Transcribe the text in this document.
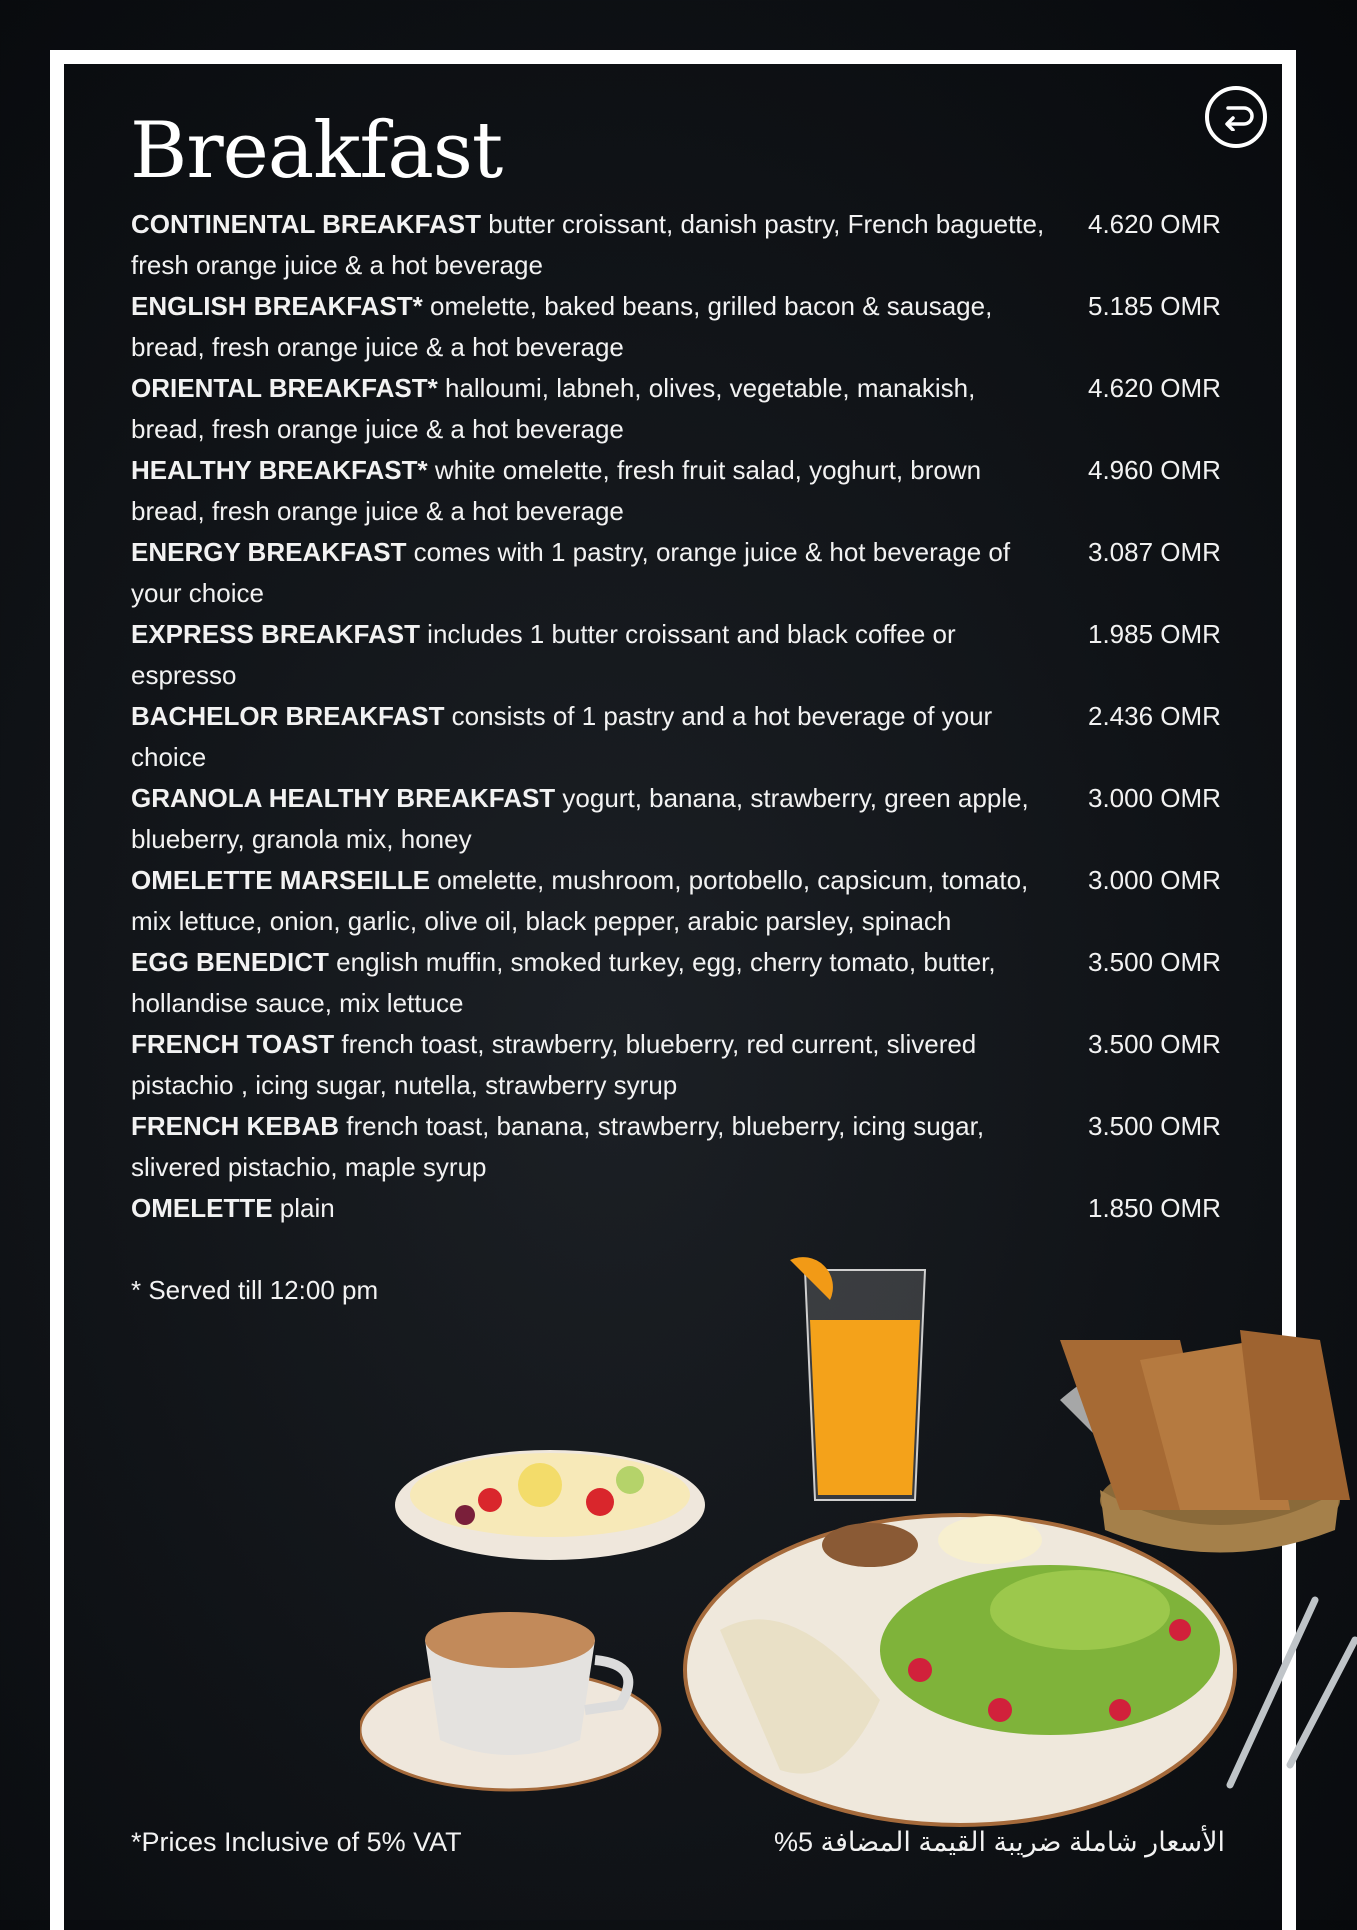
Breakfast
CONTINENTAL BREAKFAST butter croissant, danish pastry, French baguette, fresh orange juice & a hot beverage
4.620 OMR
ENGLISH BREAKFAST* omelette, baked beans, grilled bacon & sausage, bread, fresh orange juice & a hot beverage
5.185 OMR
ORIENTAL BREAKFAST* halloumi, labneh, olives, vegetable, manakish, bread, fresh orange juice & a hot beverage
4.620 OMR
HEALTHY BREAKFAST* white omelette, fresh fruit salad, yoghurt, brown bread, fresh orange juice & a hot beverage
4.960 OMR
ENERGY BREAKFAST comes with 1 pastry, orange juice & hot beverage of your choice
3.087 OMR
EXPRESS BREAKFAST includes 1 butter croissant and black coffee or espresso
1.985 OMR
BACHELOR BREAKFAST consists of 1 pastry and a hot beverage of your choice
2.436 OMR
GRANOLA HEALTHY BREAKFAST yogurt, banana, strawberry, green apple, blueberry, granola mix, honey
3.000 OMR
OMELETTE MARSEILLE omelette, mushroom, portobello, capsicum, tomato, mix lettuce, onion, garlic, olive oil, black pepper, arabic parsley, spinach
3.000 OMR
EGG BENEDICT english muffin, smoked turkey, egg, cherry tomato, butter, hollandise sauce, mix lettuce
3.500 OMR
FRENCH TOAST french toast, strawberry, blueberry, red current, slivered pistachio , icing sugar, nutella, strawberry syrup
3.500 OMR
FRENCH KEBAB french toast, banana, strawberry, blueberry, icing sugar, slivered pistachio, maple syrup
3.500 OMR
OMELETTE plain	1.850 OMR
* Served till 12:00 pm
*Prices Inclusive of 5% VAT	الأسعار شاملة ضريبة القيمة المضافة 5%
